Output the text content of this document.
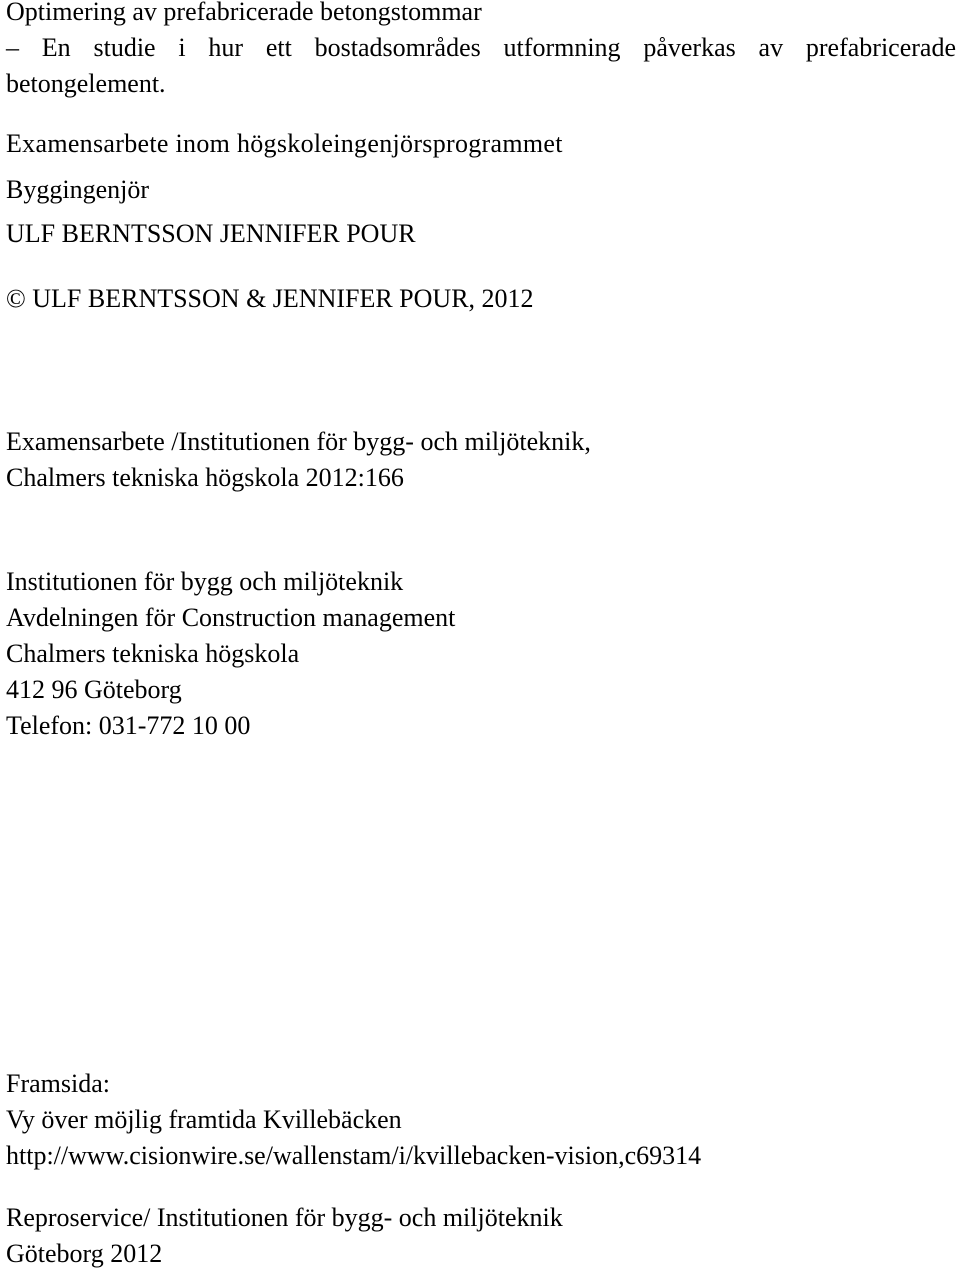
Optimering av prefabricerade betongstommar
– En studie i hur ett bostadsområdes utformning påverkas av prefabricerade
betongelement.
Examensarbete inom högskoleingenjörsprogrammet
Byggingenjör
ULF BERNTSSON JENNIFER POUR
© ULF BERNTSSON & JENNIFER POUR, 2012
Examensarbete /Institutionen för bygg- och miljöteknik,
Chalmers tekniska högskola 2012:166
Institutionen för bygg och miljöteknik
Avdelningen för Construction management
Chalmers tekniska högskola
412 96 Göteborg
Telefon: 031-772 10 00
Framsida:
Vy över möjlig framtida Kvillebäcken
http://www.cisionwire.se/wallenstam/i/kvillebacken-vision,c69314
Reproservice/ Institutionen för bygg- och miljöteknik
Göteborg 2012
